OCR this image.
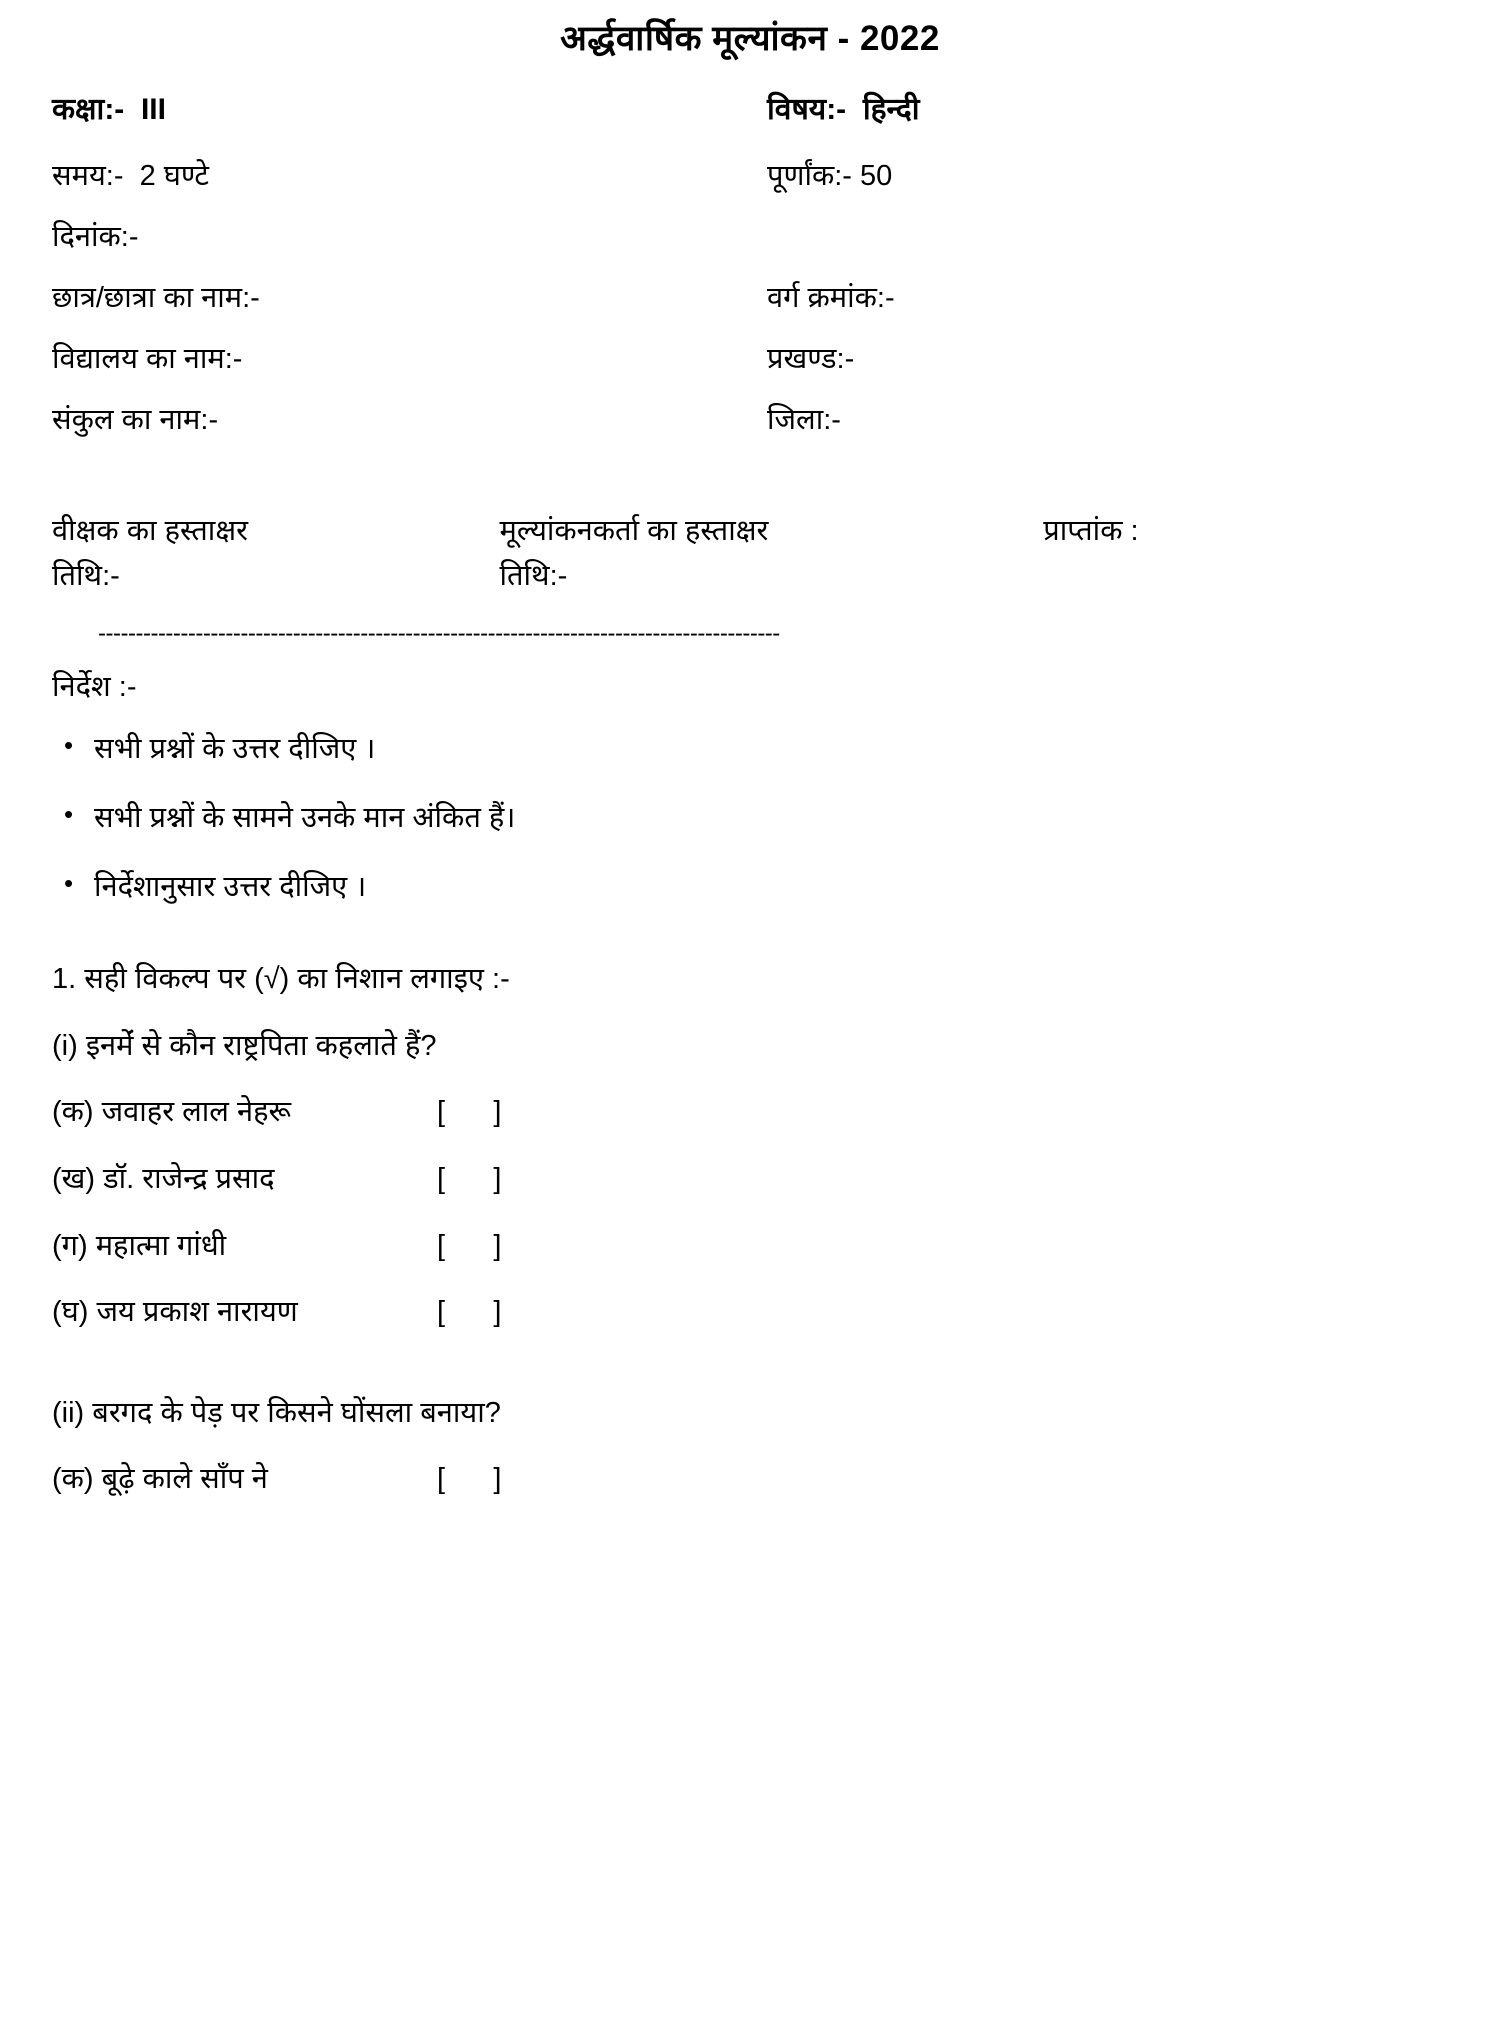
अर्द्धवार्षिक मूल्यांकन - 2022
कक्षा:-  III	विषय:-  हिन्दी
समय:-  2 घण्टे	पूर्णांक:- 50
दिनांक:-
छात्र/छात्रा का नाम:-	वर्ग क्रमांक:-
विद्यालय का नाम:-	प्रखण्ड:-
संकुल का नाम:-	जिला:-
वीक्षक का हस्ताक्षर	मूल्यांकनकर्ता का हस्ताक्षर	प्राप्तांक :
तिथि:-	तिथि:-
-------------------------------------------------------------------------------------------
निर्देश :-
• सभी प्रश्नों के उत्तर दीजिए ।
• सभी प्रश्नों के सामने उनके मान अंकित हैं।
• निर्देशानुसार उत्तर दीजिए ।
1. सही विकल्प पर (√) का निशान लगाइए :-
(i) इनमेंं से कौन राष्ट्रपिता कहलाते हैं?
(क) जवाहर लाल नेहरू	[      ]
(ख) डॉ. राजेन्द्र प्रसाद	[      ]
(ग) महात्मा गांधी	[      ]
(घ) जय प्रकाश नारायण	[      ]
(ii) बरगद के पेड़ पर किसने घोंसला बनाया?
(क) बूढ़े काले साँप ने	[      ]
